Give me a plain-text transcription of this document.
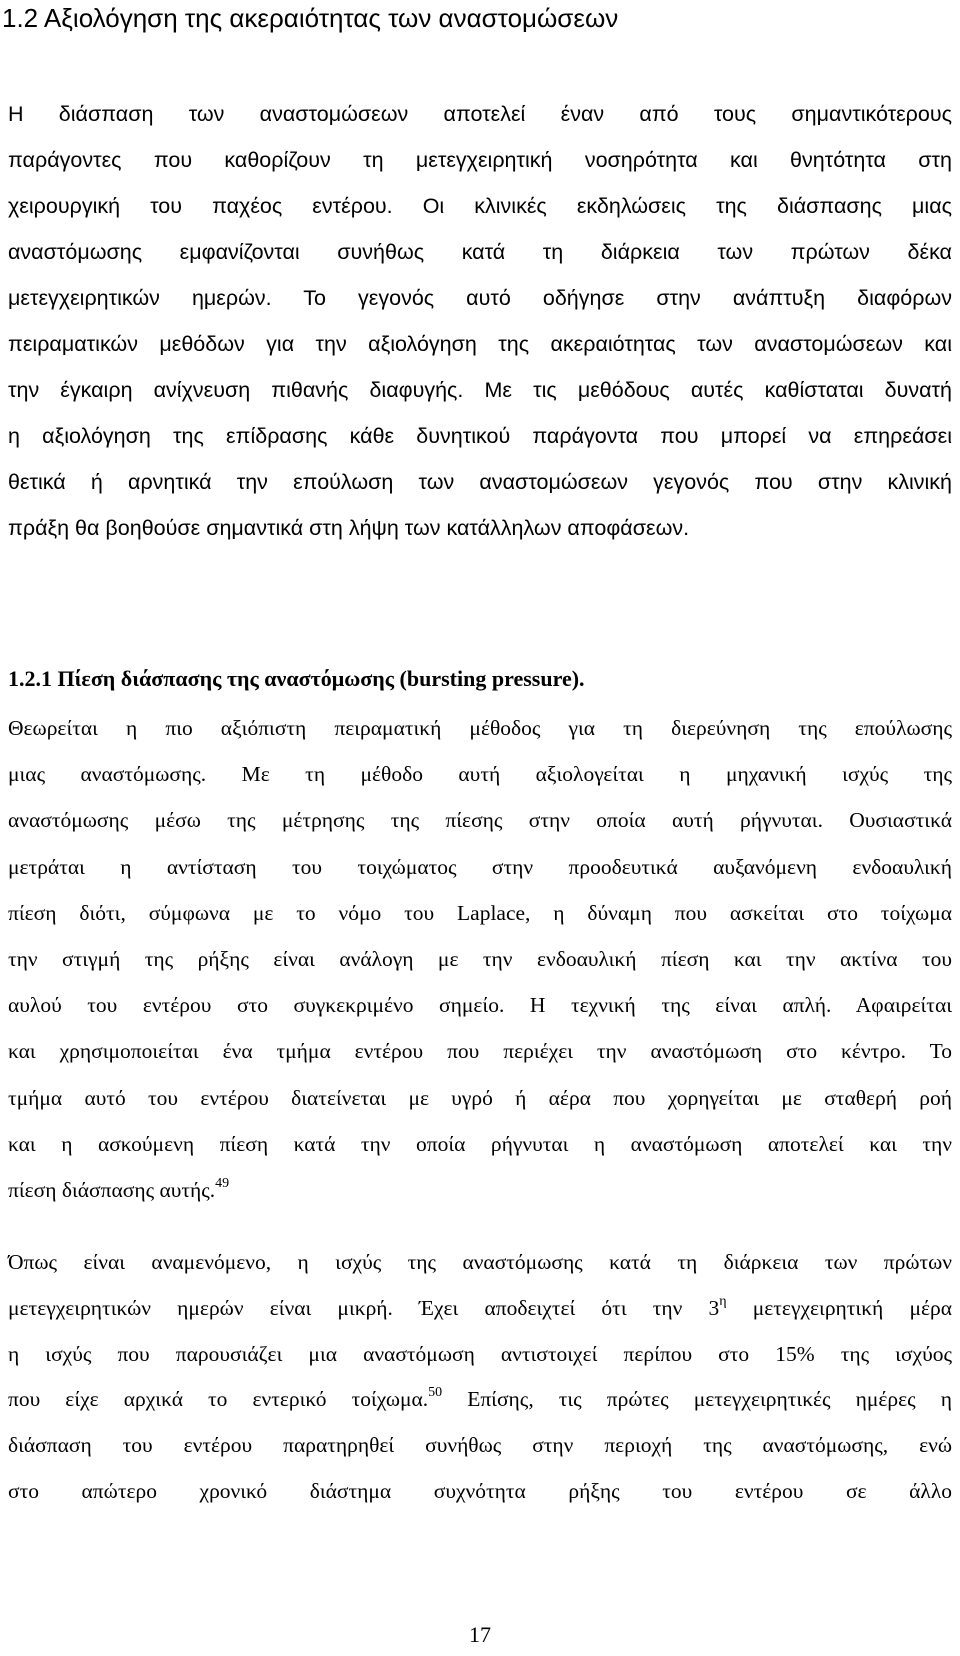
1.2 Αξιολόγηση της ακεραιότητας των αναστομώσεων
Η διάσπαση των αναστομώσεων αποτελεί έναν από τους σημαντικότερους
παράγοντες που καθορίζουν τη μετεγχειρητική νοσηρότητα και θνητότητα στη
χειρουργική του παχέος εντέρου. Οι κλινικές εκδηλώσεις της διάσπασης μιας
αναστόμωσης εμφανίζονται συνήθως κατά τη διάρκεια των πρώτων δέκα
μετεγχειρητικών ημερών. Το γεγονός αυτό οδήγησε στην ανάπτυξη διαφόρων
πειραματικών μεθόδων για την αξιολόγηση της ακεραιότητας των αναστομώσεων και
την έγκαιρη ανίχνευση πιθανής διαφυγής. Με τις μεθόδους αυτές καθίσταται δυνατή
η αξιολόγηση της επίδρασης κάθε δυνητικού παράγοντα που μπορεί να επηρεάσει
θετικά ή αρνητικά την επούλωση των αναστομώσεων γεγονός που στην κλινική
πράξη θα βοηθούσε σημαντικά στη λήψη των κατάλληλων αποφάσεων.
1.2.1 Πίεση διάσπασης της αναστόμωσης (bursting pressure).
Θεωρείται η πιο αξιόπιστη πειραματική μέθοδος για τη διερεύνηση της επούλωσης
μιας αναστόμωσης. Με τη μέθοδο αυτή αξιολογείται η μηχανική ισχύς της
αναστόμωσης μέσω της μέτρησης της πίεσης στην οποία αυτή ρήγνυται. Ουσιαστικά
μετράται η αντίσταση του τοιχώματος στην προοδευτικά αυξανόμενη ενδοαυλική
πίεση διότι, σύμφωνα με το νόμο του Laplace, η δύναμη που ασκείται στο τοίχωμα
την στιγμή της ρήξης είναι ανάλογη με την ενδοαυλική πίεση και την ακτίνα του
αυλού του εντέρου στο συγκεκριμένο σημείο. Η τεχνική της είναι απλή. Αφαιρείται
και χρησιμοποιείται ένα τμήμα εντέρου που περιέχει την αναστόμωση στο κέντρο. Το
τμήμα αυτό του εντέρου διατείνεται με υγρό ή αέρα που χορηγείται με σταθερή ροή
και η ασκούμενη πίεση κατά την οποία ρήγνυται η αναστόμωση αποτελεί και την
πίεση διάσπασης αυτής.$^{49}$
Όπως είναι αναμενόμενο, η ισχύς της αναστόμωσης κατά τη διάρκεια των πρώτων
μετεγχειρητικών ημερών είναι μικρή. Έχει αποδειχτεί ότι την $3^\eta$ μετεγχειρητική μέρα
η ισχύς που παρουσιάζει μια αναστόμωση αντιστοιχεί περίπου στο 15% της ισχύος
που είχε αρχικά το εντερικό τοίχωμα.$^{50}$ Επίσης, τις πρώτες μετεγχειρητικές ημέρες η
διάσπαση του εντέρου παρατηρηθεί συνήθως στην περιοχή της αναστόμωσης, ενώ
στο απώτερο χρονικό διάστημα συχνότητα ρήξης του εντέρου σε άλλο
17
